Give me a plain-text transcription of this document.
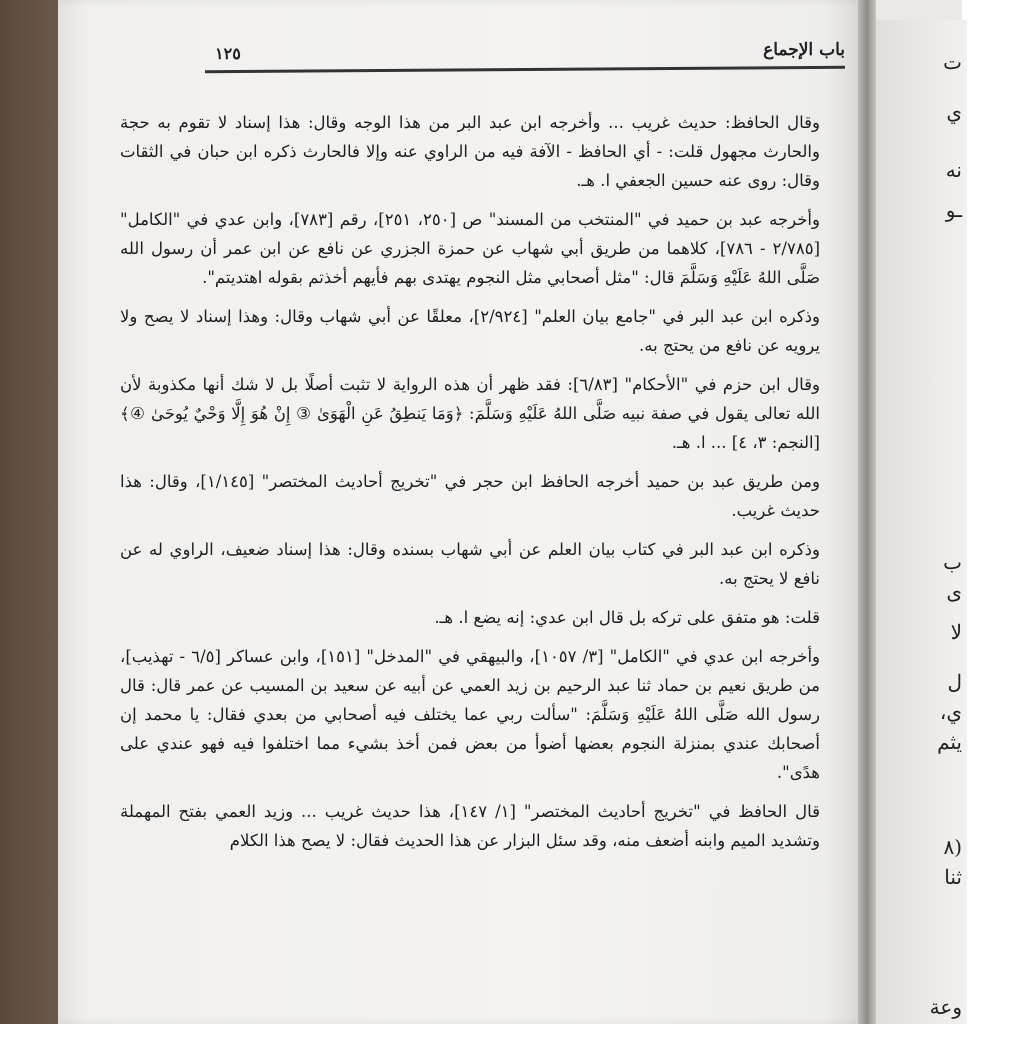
ت
ي
نه
ـو
ب
ى
لا
ل
ي،
يثم
(٨
ثنا
وعة
باب الإجماع
١٢٥

وقال الحافظ: حديث غريب ... وأخرجه ابن عبد البر من هذا الوجه وقال: هذا إسناد لا تقوم به حجة والحارث مجهول قلت: - أي الحافظ - الآفة فيه من الراوي عنه وإلا فالحارث ذكره ابن حبان في الثقات وقال: روى عنه حسين الجعفي ا. هـ.

وأخرجه عبد بن حميد في "المنتخب من المسند" ص [٢٥٠، ٢٥١]، رقم [٧٨٣]، وابن عدي في "الكامل" [٢/٧٨٥ - ٧٨٦]، كلاهما من طريق أبي شهاب عن حمزة الجزري عن نافع عن ابن عمر أن رسول الله صَلَّى اللهُ عَلَيْهِ وَسَلَّمَ قال: "مثل أصحابي مثل النجوم يهتدى بهم فأيهم أخذتم بقوله اهتديتم".

وذكره ابن عبد البر في "جامع بيان العلم" [٢/٩٢٤]، معلقًا عن أبي شهاب وقال: وهذا إسناد لا يصح ولا يرويه عن نافع من يحتج به.

وقال ابن حزم في "الأحكام" [٦/٨٣]: فقد ظهر أن هذه الرواية لا تثبت أصلًا بل لا شك أنها مكذوبة لأن الله تعالى يقول في صفة نبيه صَلَّى اللهُ عَلَيْهِ وَسَلَّمَ: ﴿وَمَا يَنطِقُ عَنِ الْهَوَىٰ ③ إِنْ هُوَ إِلَّا وَحْيٌ يُوحَىٰ ④﴾ [النجم: ٣، ٤] ... ا. هـ.

ومن طريق عبد بن حميد أخرجه الحافظ ابن حجر في "تخريج أحاديث المختصر" [١/١٤٥]، وقال: هذا حديث غريب.

وذكره ابن عبد البر في كتاب بيان العلم عن أبي شهاب بسنده وقال: هذا إسناد ضعيف، الراوي له عن نافع لا يحتج به.

قلت: هو متفق على تركه بل قال ابن عدي: إنه يضع ا. هـ.

وأخرجه ابن عدي في "الكامل" [٣/ ١٠٥٧]، والبيهقي في "المدخل" [١٥١]، وابن عساكر [٦/٥ - تهذيب]، من طريق نعيم بن حماد ثنا عبد الرحيم بن زيد العمي عن أبيه عن سعيد بن المسيب عن عمر قال: قال رسول الله صَلَّى اللهُ عَلَيْهِ وَسَلَّمَ: "سألت ربي عما يختلف فيه أصحابي من بعدي فقال: يا محمد إن أصحابك عندي بمنزلة النجوم بعضها أضوأ من بعض فمن أخذ بشيء مما اختلفوا فيه فهو عندي على هدًى".

قال الحافظ في "تخريج أحاديث المختصر" [١/ ١٤٧]، هذا حديث غريب ... وزيد العمي بفتح المهملة وتشديد الميم وابنه أضعف منه، وقد سئل البزار عن هذا الحديث فقال: لا يصح هذا الكلام
